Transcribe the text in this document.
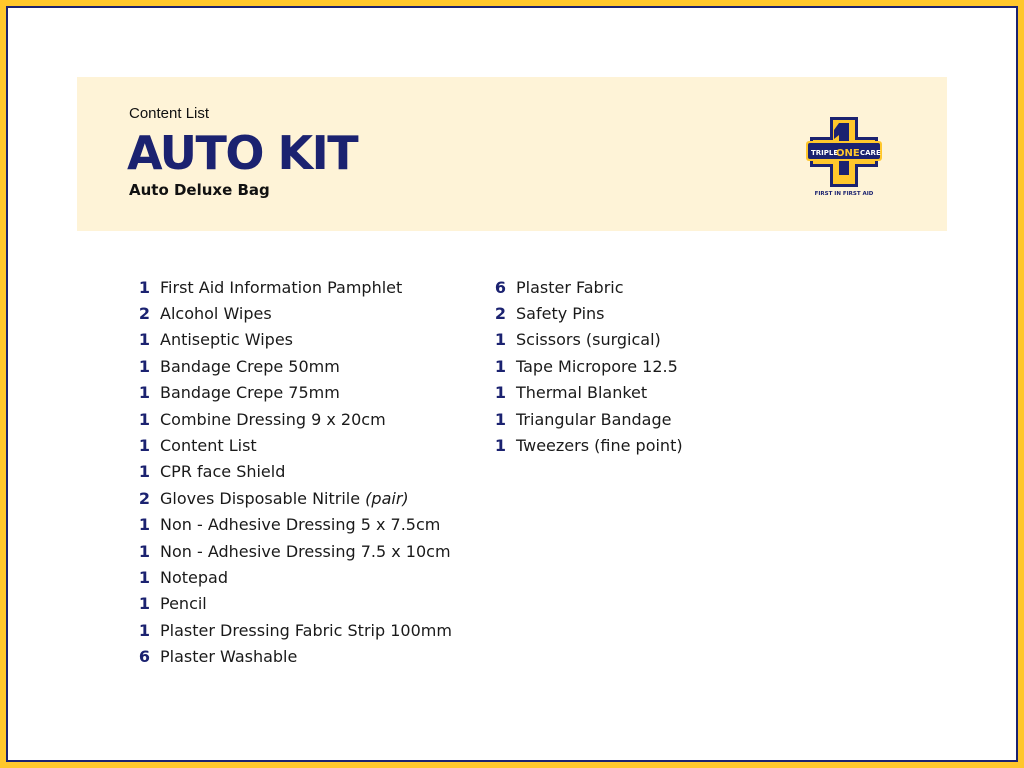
Content List
AUTO KIT
Auto Deluxe Bag
TRIPLE
ONE CARE
FIRST IN FIRST AID
1 First Aid Information Pamphlet
2 Alcohol Wipes
1 Antiseptic Wipes
1 Bandage Crepe 50mm
1 Bandage Crepe 75mm
1 Combine Dressing 9 x 20cm
1 Content List
1 CPR face Shield
2 Gloves Disposable Nitrile (pair)
1 Non - Adhesive Dressing 5 x 7.5cm
1 Non - Adhesive Dressing 7.5 x 10cm
1 Notepad
1 Pencil
1 Plaster Dressing Fabric Strip 100mm
6 Plaster Washable
6 Plaster Fabric
2 Safety Pins
1 Scissors (surgical)
1 Tape Micropore 12.5
1 Thermal Blanket
1 Triangular Bandage
1 Tweezers (fine point)
